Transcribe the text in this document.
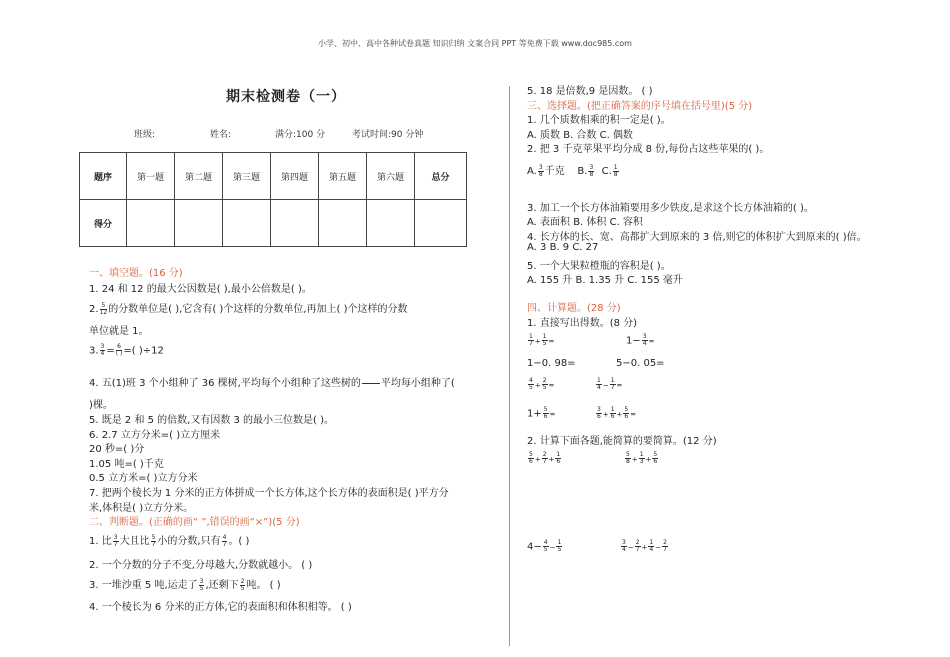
小学、初中、高中各种试卷真题 知识归纳 文案合同 PPT 等免费下载 www.doc985.com
期末检测卷（一）
班级:	姓名:	满分:100 分	考试时间:90 分钟
题序	第一题	第二题	第三题	第四题	第五题	第六题	总分
得分							
一、填空题。(16 分)
1. 24 和 12 的最大公因数是( ),最小公倍数是( )。
2. $\frac{5}{12}$ 的分数单位是( ),它含有( )个这样的分数单位,再加上( )个这样的分数
单位就是 1。
3. $\frac{3}{4} = \frac{6}{( )}$ =( )÷12
4. 五(1)班 3 个小组种了 36 棵树,平均每个小组种了这些树的

平均每小组种了(
)棵。
5. 既是 2 和 5 的倍数,又有因数 3 的最小三位数是( )。
6. 2.7 立方分米=( )立方厘米
20 秒=( )分
1.05 吨=( )千克
0.5 立方米=( )立方分米
7. 把两个棱长为 1 分米的正方体拼成一个长方体,这个长方体的表面积是( )平方分
米,体积是( )立方分米。
二、判断题。(正确的画“ ”,错误的画“×”)(5 分)
1. 比 $\frac{3}{7}$ 大且比 $\frac{5}{7}$ 小的分数,只有 $\frac{4}{7}$ 。( )
2. 一个分数的分子不变,分母越大,分数就越小。 ( )
3. 一堆沙重 5 吨,运走了 $\frac{3}{5}$ ,还剩下 $\frac{2}{5}$ 吨。 ( )
4. 一个棱长为 6 分米的正方体,它的表面积和体积相等。 ( )
5. 18 是倍数,9 是因数。 ( )
三、选择题。(把正确答案的序号填在括号里)(5 分)
1. 几个质数相乘的积一定是( )。
A. 质数 B. 合数 C. 偶数
2. 把 3 千克苹果平均分成 8 份,每份占这些苹果的( )。
A. $\frac{3}{8}$ 千克 B. $\frac{3}{8} C$. $\frac{1}{8}$
3. 加工一个长方体油箱要用多少铁皮,是求这个长方体油箱的( )。
A. 表面积 B. 体积 C. 容积
4. 长方体的长、宽、高都扩大到原来的 3 倍,则它的体积扩大到原来的( )倍。
A. 3 B. 9 C. 27
5. 一个大果粒橙瓶的容积是( )。
A. 155 升 B. 1.35 升 C. 155 毫升
四、计算题。(28 分)
1. 直接写出得数。(8 分)
$\frac{1}{7} + \frac{1}{5}$ =	$1- \frac{3}{4}$ =
1−0. 98=	5−0. 05=
$\frac{4}{5} + \frac{2}{5}$ =	$\frac{1}{4} - \frac{1}{7}$ =
$1+ \frac{5}{6}$ =	$\frac{3}{6} + \frac{1}{6} + \frac{5}{6}$ =
2. 计算下面各题,能简算的要简算。(12 分)
$\frac{5}{6} + \frac{2}{7} + \frac{1}{6}$	$\frac{5}{8} + \frac{1}{3} + \frac{5}{6}$
$4- \frac{4}{5} - \frac{1}{5}$	$\frac{3}{4} - \frac{2}{7} + \frac{1}{4} - \frac{2}{7}$
